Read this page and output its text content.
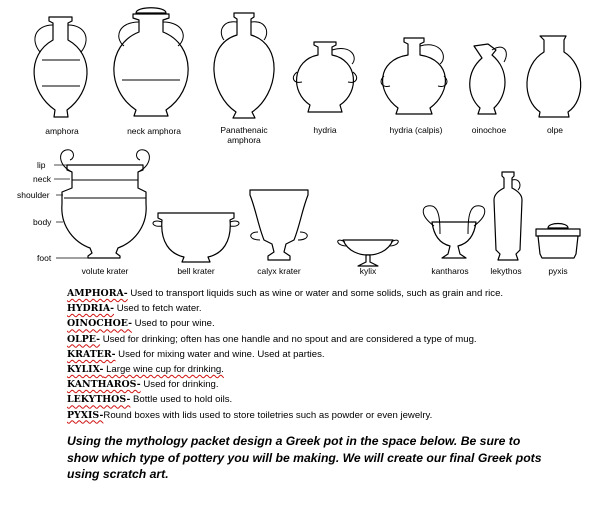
amphora	neck amphora	Panathenaic
amphora
hydria	hydria (calpis)	oinochoe	olpe
lip
neck
shoulder
body
foot
volute krater	bell krater	calyx krater	kylix	kantharos	lekythos	pyxis
AMPHORA- Used to transport liquids such as wine or water and some solids, such as grain and rice.
HYDRIA- Used to fetch water.
OINOCHOE- Used to pour wine.
OLPE- Used for drinking; often has one handle and no spout and are considered a type of mug.
KRATER- Used for mixing water and wine. Used at parties.
KYLIX- Large wine cup for drinking.
KANTHAROS- Used for drinking.
LEKYTHOS- Bottle used to hold oils.
PYXIS-Round boxes with lids used to store toiletries such as powder or even jewelry.
Using the mythology packet design a Greek pot in the space below. Be sure to show which type of pottery you will be making. We will create our final Greek pots using scratch art.
